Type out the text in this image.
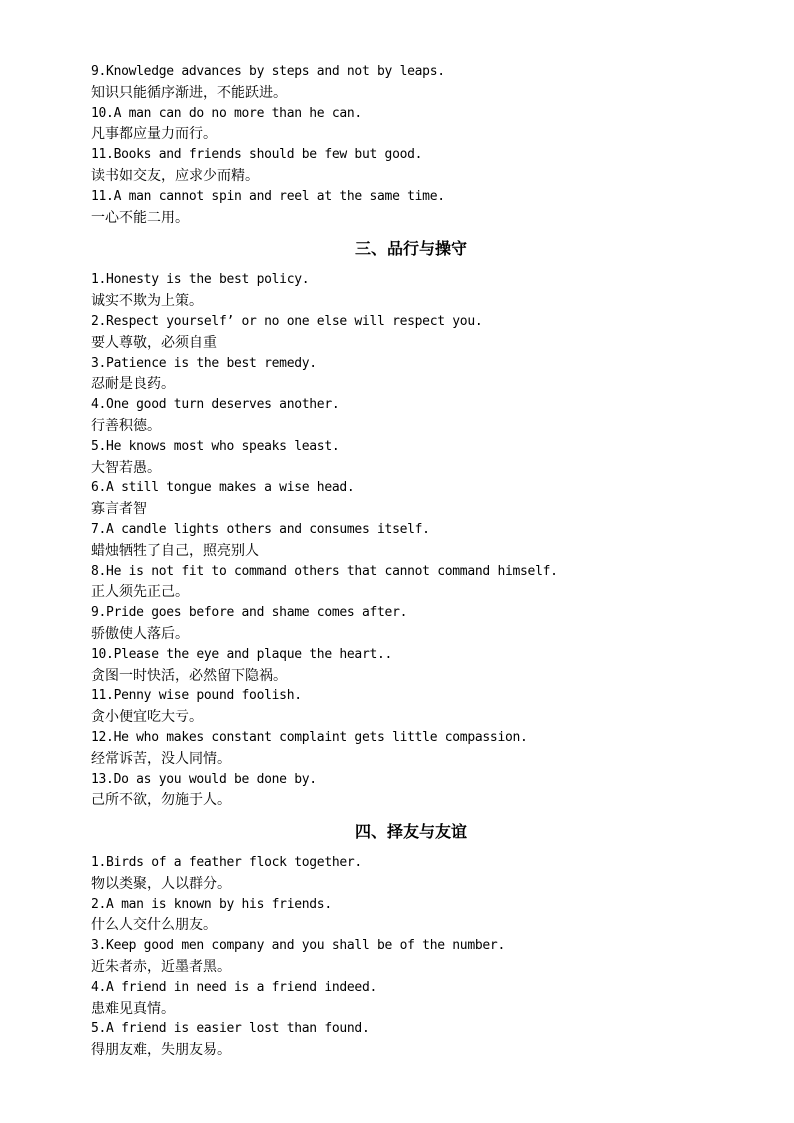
9.Knowledge advances by steps and not by leaps.
知识只能循序渐进，不能跃进。
10.A man can do no more than he can.
凡事都应量力而行。
11.Books and friends should be few but good.
读书如交友，应求少而精。
11.A man cannot spin and reel at the same time.
一心不能二用。
三、品行与操守
1.Honesty is the best policy.
诚实不欺为上策。
2.Respect yourself’ or no one else will respect you.
要人尊敬，必须自重
3.Patience is the best remedy.
忍耐是良药。
4.One good turn deserves another.
行善积德。
5.He knows most who speaks least.
大智若愚。
6.A still tongue makes a wise head.
寡言者智
7.A candle lights others and consumes itself.
蜡烛牺牲了自己，照亮别人
8.He is not fit to command others that cannot command himself.
正人须先正己。
9.Pride goes before and shame comes after.
骄傲使人落后。
10.Please the eye and plaque the heart..
贪图一时快活，必然留下隐祸。
11.Penny wise pound foolish.
贪小便宜吃大亏。
12.He who makes constant complaint gets little compassion.
经常诉苦，没人同情。
13.Do as you would be done by.
己所不欲，勿施于人。
四、择友与友谊
1.Birds of a feather flock together.
物以类聚，人以群分。
2.A man is known by his friends.
什么人交什么朋友。
3.Keep good men company and you shall be of the number.
近朱者赤，近墨者黑。
4.A friend in need is a friend indeed.
患难见真情。
5.A friend is easier lost than found.
得朋友难，失朋友易。
